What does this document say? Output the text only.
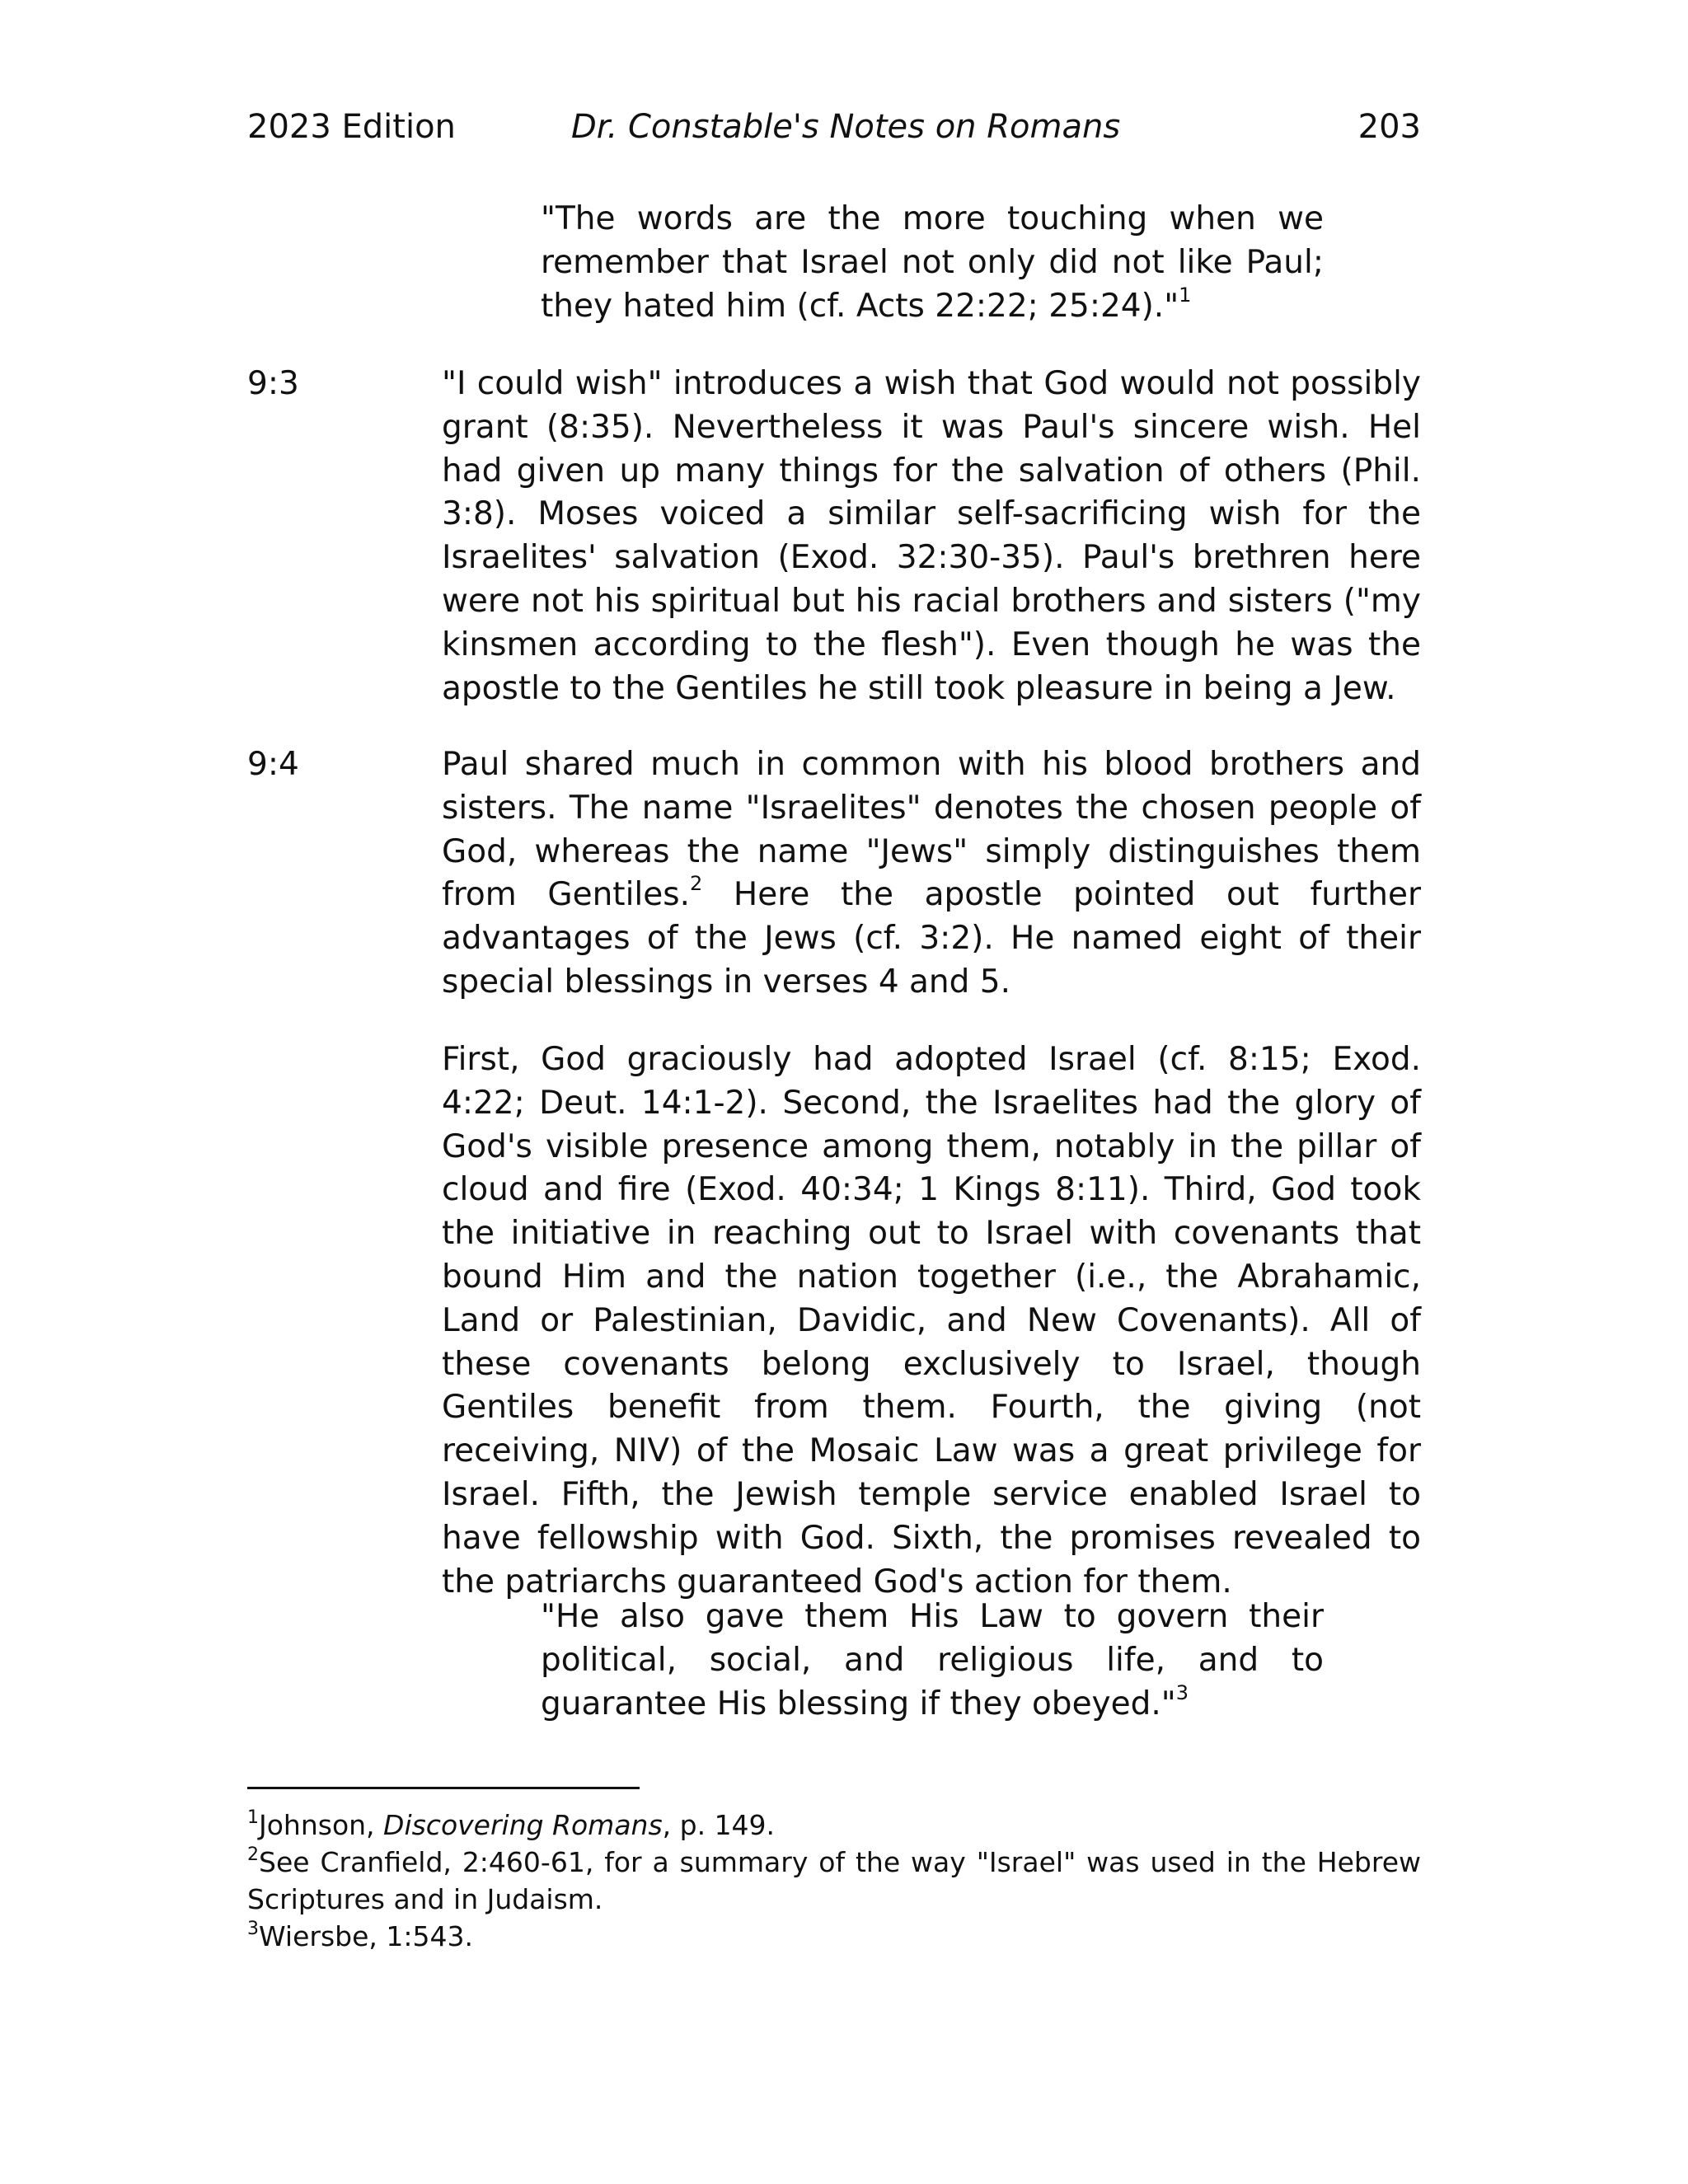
2023 Edition	Dr. Constable's Notes on Romans	203

"The words are the more touching when we remember that Israel not only did not like Paul; they hated him (cf. Acts 22:22; 25:24)."$^1$

9:3	"I could wish" introduces a wish that God would not possibly grant (8:35). Nevertheless it was Paul's sincere wish. Hel had given up many things for the salvation of others (Phil. 3:8). Moses voiced a similar self-sacrificing wish for the Israelites' salvation (Exod. 32:30-35). Paul's brethren here were not his spiritual but his racial brothers and sisters ("my kinsmen according to the flesh"). Even though he was the apostle to the Gentiles he still took pleasure in being a Jew.

9:4	Paul shared much in common with his blood brothers and sisters. The name "Israelites" denotes the chosen people of God, whereas the name "Jews" simply distinguishes them from Gentiles.$^2$ Here the apostle pointed out further advantages of the Jews (cf. 3:2). He named eight of their special blessings in verses 4 and 5.

First, God graciously had adopted Israel (cf. 8:15; Exod. 4:22; Deut. 14:1-2). Second, the Israelites had the glory of God's visible presence among them, notably in the pillar of cloud and fire (Exod. 40:34; 1 Kings 8:11). Third, God took the initiative in reaching out to Israel with covenants that bound Him and the nation together (i.e., the Abrahamic, Land or Palestinian, Davidic, and New Covenants). All of these covenants belong exclusively to Israel, though Gentiles benefit from them. Fourth, the giving (not receiving, NIV) of the Mosaic Law was a great privilege for Israel. Fifth, the Jewish temple service enabled Israel to have fellowship with God. Sixth, the promises revealed to the patriarchs guaranteed God's action for them.

"He also gave them His Law to govern their political, social, and religious life, and to guarantee His blessing if they obeyed."$^3$

$^1$Johnson, Discovering Romans, p. 149.

$^2$See Cranfield, 2:460-61, for a summary of the way "Israel" was used in the Hebrew Scriptures and in Judaism.

$^3$Wiersbe, 1:543.
